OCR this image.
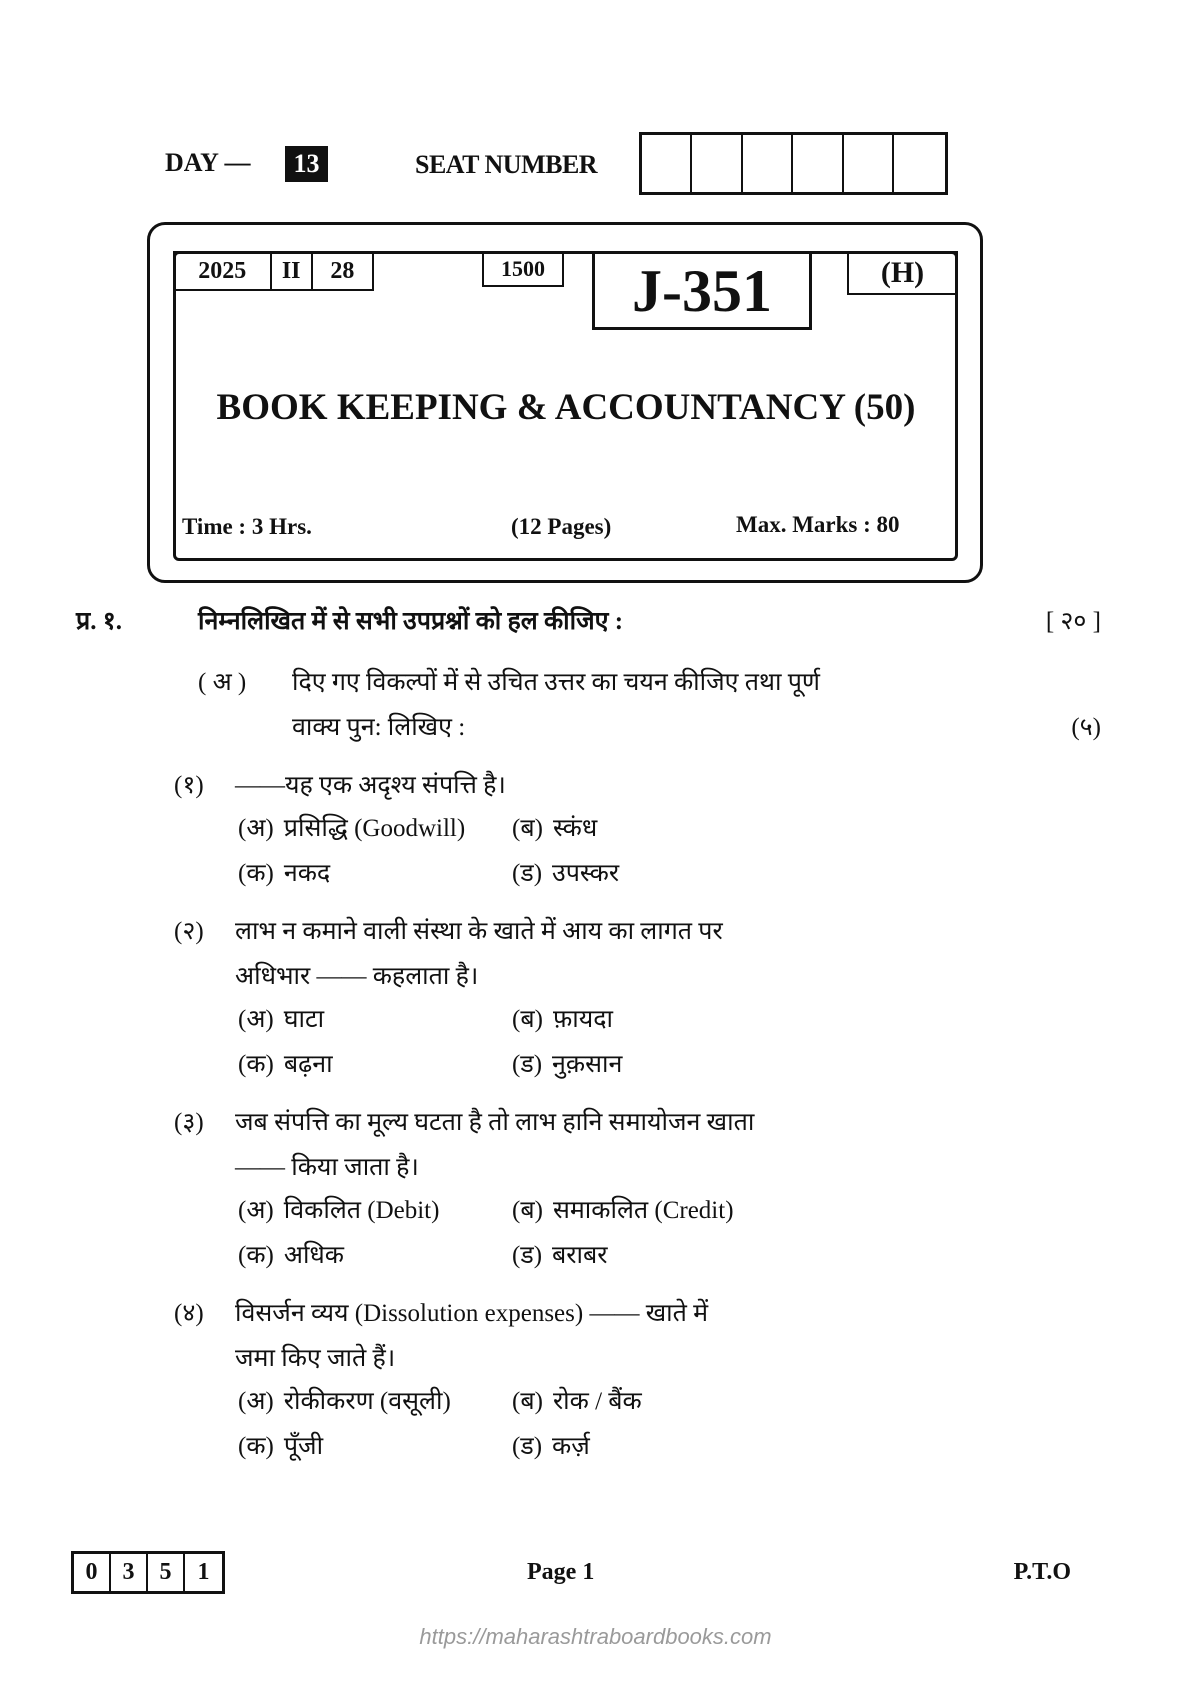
DAY —	13	SEAT NUMBER
2025 II 28	1500	J-351	(H)
BOOK KEEPING & ACCOUNTANCY (50)
Time : 3 Hrs.	(12 Pages)	Max. Marks : 80
प्र. १.	निम्नलिखित में से सभी उपप्रश्नों को हल कीजिए :	[ २० ]
( अ )	दिए गए विकल्पों में से उचित उत्तर का चयन कीजिए तथा पूर्ण
वाक्य पुन: लिखिए :	(५)
(१)	——यह एक अदृश्य संपत्ति है।
(अ) प्रसिद्धि (Goodwill)	(ब) स्कंध
(क) नकद	(ड) उपस्कर
(२)	लाभ न कमाने वाली संस्था के खाते में आय का लागत पर
अधिभार —— कहलाता है।
(अ) घाटा	(ब) फ़ायदा
(क) बढ़ना	(ड) नुक़सान
(३)	जब संपत्ति का मूल्य घटता है तो लाभ हानि समायोजन खाता
—— किया जाता है।
(अ) विकलित (Debit)	(ब) समाकलित (Credit)
(क) अधिक	(ड) बराबर
(४)	विसर्जन व्यय (Dissolution expenses) —— खाते में
जमा किए जाते हैं।
(अ) रोकीकरण (वसूली)	(ब) रोक / बैंक
(क) पूँजी	(ड) कर्ज़
0 3 5 1	Page 1	P.T.O
https://maharashtraboardbooks.com
